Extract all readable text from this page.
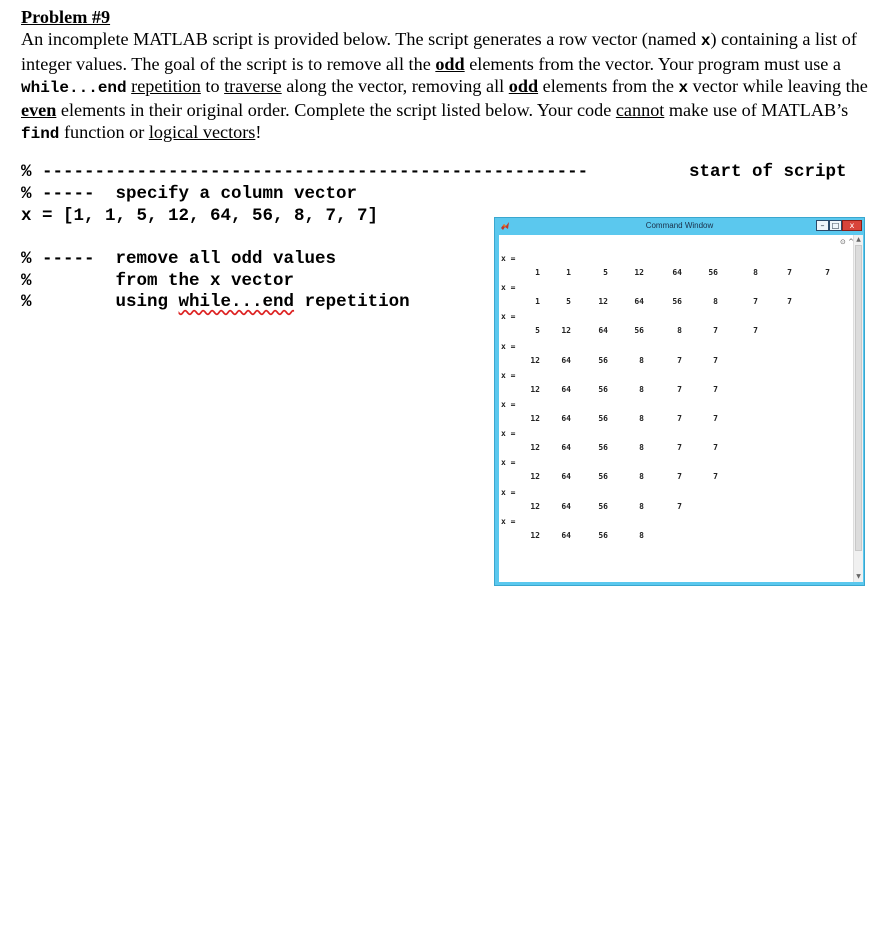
Problem #9

An incomplete MATLAB script is provided below. The script generates a row vector (named x) containing a list of integer values. The goal of the script is to remove all the odd elements from the vector. Your program must use a while...end repetition to traverse along the vector, removing all odd elements from the x vector while leaving the even elements in their original order. Complete the script listed below. Your code cannot make use of MATLAB’s find function or logical vectors!

% ----------------------------------------------------	start of script
% -----  specify a column vector
x = [1, 1, 5, 12, 64, 56, 8, 7, 7]
% -----  remove all odd values
%        from the x vector
%        using while...end repetition
Command Window	– □	x
x =
1	1	5	12	64	56	8	7	7
x =
1	5	12	64	56	8	7	7
x =
5	12	64	56	8	7	7
x =
12	64	56	8	7	7
x =
12	64	56	8	7	7
x =
12	64	56	8	7	7
x =
12	64	56	8	7	7
x =
12	64	56	8	7	7
x =
12	64	56	8	7
x =
12	64	56	8
▲
▼
⊙ ^
